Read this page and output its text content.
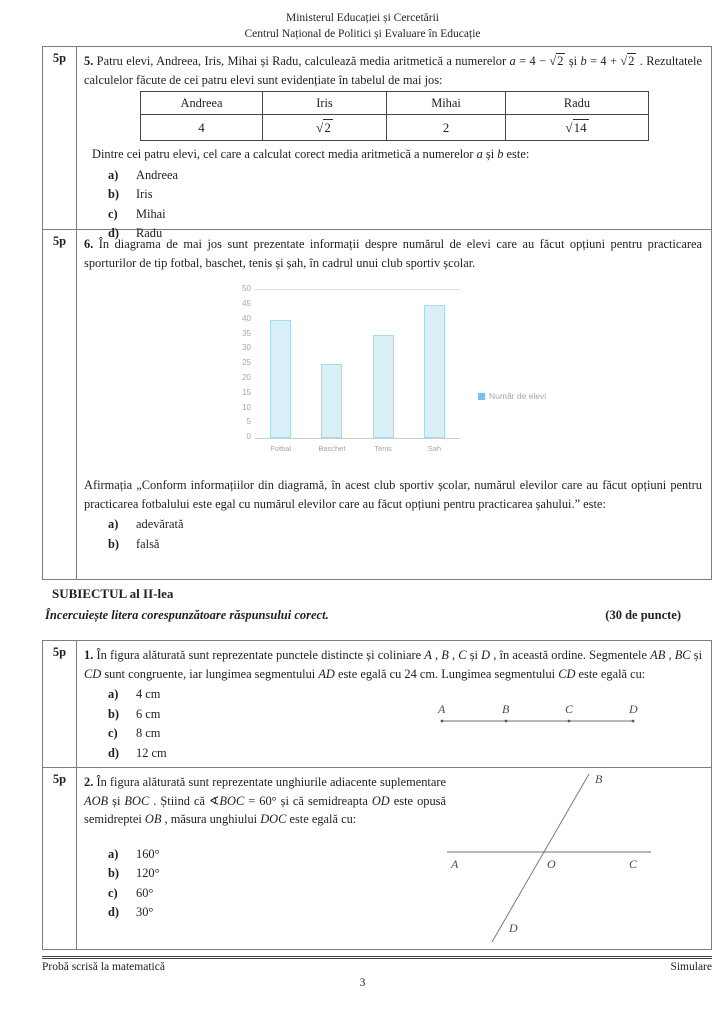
Ministerul Educației și Cercetării
Centrul Național de Politici și Evaluare în Educație
5p	5. Patru elevi, Andreea, Iris, Mihai și Radu, calculează media aritmetică a numerelor a = 4 − √2 și b = 4 + √2 . Rezultatele calculelor făcute de cei patru elevi sunt evidențiate în tabelul de mai jos:

Andreea	Iris	Mihai	Radu
4	√2	2	√14

Dintre cei patru elevi, cel care a calculat corect media aritmetică a numerelor a și b este:

a)	Andreea
b)	Iris
c)	Mihai
d)	Radu
5p	6. În diagrama de mai jos sunt prezentate informații despre numărul de elevi care au făcut opțiuni pentru practicarea sporturilor de tip fotbal, baschet, tenis și șah, în cadrul unui club sportiv școlar.

50
45
40
35
30
25
20
15
10
5
0
Fotbal	Baschet	Tenis	Sah
Număr de elevi

Afirmația „Conform informațiilor din diagramă, în acest club sportiv școlar, numărul elevilor care au făcut opțiuni pentru practicarea fotbalului este egal cu numărul elevilor care au făcut opțiuni pentru practicarea șahului.” este:

a)	adevărată
b)	falsă
SUBIECTUL al II-lea
Încercuiește litera corespunzătoare răspunsului corect.	(30 de puncte)
5p	1. În figura alăturată sunt reprezentate punctele distincte și coliniare A , B , C și D , în această ordine. Segmentele AB , BC și CD sunt congruente, iar lungimea segmentului AD este egală cu 24 cm. Lungimea segmentului CD este egală cu:

a)	4 cm
b)	6 cm
c)	8 cm
d)	12 cm
A	B	C	D
5p	2. În figura alăturată sunt reprezentate unghiurile adiacente suplementare AOB și BOC . Știind că ∢BOC = 60° și că semidreapta OD este opusă semidreptei OB , măsura unghiului DOC este egală cu:

a)	160°
b)	120°
c)	60°
d)	30°
A	O	C
B
D
Probă scrisă la matematică	Simulare
3
